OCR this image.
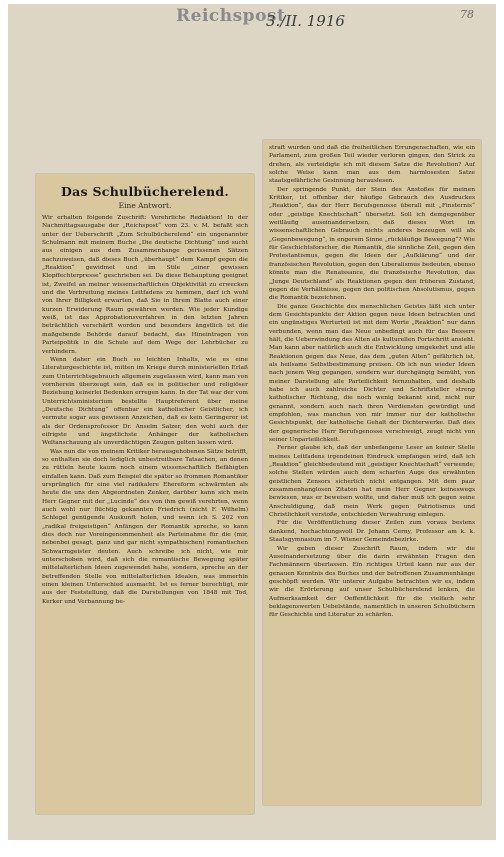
Reichspost
3./II. 1916	78
Das Schulbücherelend.
Eine Antwort.

Wir erhalten folgende Zuschrift: Verehrliche Redaktion! In der Nachmittagsausgabe der „Reichspost“ vom 23. v. M. befaßt sich unter der Ueberschrift „Zum Schulbücherelend“ ein ungenannter Schulmann mit meinem Buche „Die deutsche Dichtung“ und sucht aus einigen aus dem Zusammenhange gerissenen Sätzen nachzuweisen, daß dieses Buch „überhaupt“ dem Kampf gegen die „Reaktion“ gewidmet und im Stile „einer gewissen Klopffechterpresse“ geschrieben sei. Da diese Behauptung geeignet ist, Zweifel an meiner wissenschaftlichen Objektivität zu erwecken und die Verbreitung meines Leitfadens zu hemmen, darf ich wohl von Ihrer Billigkeit erwarten, daß Sie in Ihrem Blatte auch einer kurzen Erwiderung Raum gewähren werden. Wie jeder Kundige weiß, ist das Approbationsverfahren in den letzten Jahren beträchtlich verschärft worden und besonders ängstlich ist die maßgebende Behörde darauf bedacht, das Hineintragen von Parteipolitik in die Schule auf dem Wege der Lehrbücher zu verhindern.

Wenn daher ein Buch so leichten Inhalts, wie es eine Literaturgeschichte ist, mitten im Kriege durch ministeriellen Erlaß zum Unterrichtsgebrauch allgemein zugelassen wird, kann man von vornherein überzeugt sein, daß es in politischer und religiöser Beziehung keinerlei Bedenken erregen kann. In der Tat war der vom Unterrichtsministerium bestellte Hauptreferent über meine „Deutsche Dichtung“ offenbar ein katholischer Geistlicher, ich vermute sogar aus gewissen Anzeichen, daß es kein Geringerer ist als der Ordensprofessor Dr. Anselm Salzer, den wohl auch der eifrigste und ängstlichste Anhänger der katholischen Weltanschauung als unverdächtigen Zeugen gelten lassen wird.

Was nun die von meinem Kritiker herausgehobenen Sätze betrifft, so enthalten sie doch lediglich unbestreitbare Tatsachen, an denen zu rütteln heute kaum noch einem wissenschaftlich Befähigten einfallen kann. Daß zum Beispiel die später so frommen Romantiker ursprünglich für eine viel radikalere Ehereform schwärmten als heute die uns den Abgeordneten Zenker, darüber kann sich mein Herr Gegner mit der „Lucinde“ des von ihm gewiß verehrten, wenn auch wohl nur flüchtig gekannten Friedrich (nicht F. Wilhelm) Schlegel genügende Auskunft holen, und wenn ich S. 202 von „radikal freigeistigen“ Anfängen der Romantik spreche, so kann dies doch nur Voreingenommenheit als Parteinahme für die (mir, nebenbei gesagt, ganz und gar nicht sympathischen) romantischen Schwarmgeister deuten. Auch schreibe ich nicht, wie mir unterschoben wird, daß sich die romantische Bewegung später mittelalterlichen Ideen zugewendet habe, sondern, spreche an der betreffenden Stelle von mittelalterlichen Idealen, was immerhin einen kleinen Unterschied ausmacht. Ist es ferner berechtigt, mir aus der Feststellung, daß die Darstellungen von 1848 mit Tod, Kerker und Verbannung be-

straft wurden und daß die freiheitlichen Errungenschaften, wie ein Parlament, zum großen Teil wieder verloren gingen, den Strick zu drehen, als verteidigte ich mit diesem Satze die Revolution? Auf solche Weise kann man aus dem harmlosesten Satze staatsgefährliche Gesinnung herauslesen.

Der springende Punkt, der Stein des Anstoßes für meinen Kritiker, ist offenbar der häufige Gebrauch des Ausdruckes „Reaktion“, das der Herr Berufsgenosse überall mit „Finsternis“ oder „geistige Knechtschaft“ übersetzt. Soll ich demgegenüber weitläufig auseinandersetzen, daß dieses Wort im wissenschaftlichen Gebrauch nichts anderes bezeugen will als „Gegenbewegung“, in engerem Sinne „rückläufige Bewegung“? Wie für Geschichtsforscher, die Romantik, die sinnliche Zeit, gegen den Protestantismus, gegen die Ideen der „Aufklärung“ und der französischen Revolution, gegen den Liberalismus bedeuten, ebenso könnte man die Renaissance, die französische Revolution, das „Junge Deutschland“ als Reaktionen gegen den früheren Zustand, gegen die Verhältnisse, gegen den politischen Absolutismus, gegen die Romantik bezeichnen.

Die ganze Geschichte des menschlichen Geistes läßt sich unter dem Gesichtspunkte der Aktion gegen neue Ideen betrachten und ein ungünstiges Werturteil ist mit dem Worte „Reaktion“ nur dann verbunden, wenn man das Neue unbedingt auch für das Bessere hält, die Ueberwindung des Alten als kulturellen Fortschritt ansieht. Man kann aber natürlich auch die Entwicklung umgekehrt und alle Reaktionen gegen das Neue, das dem „guten Alten“ gefährlich ist, als heilsame Selbstbestimmung preisen. Ob ich nun wieder Ideen nach jenem Weg gegangen, sondern war durchgängig bemüht, von meiner Darstellung alle Parteilichkeit fernzuhalten, und deshalb habe ich auch zahlreiche Dichter und Schriftsteller streng katholischer Richtung, die noch wenig bekannt sind, nicht nur genannt, sondern auch nach ihren Verdiensten gewürdigt und empfohlen, was manchen von mir immer nur der katholische Gesichtspunkt, der katholische Gehalt der Dichterwerke. Daß dies der gegnerische Herr Berufsgenosse verschweigt, zeugt nicht von seiner Unparteilichkeit.

Ferner glaube ich, daß der unbefangene Leser an keiner Stelle meines Leitfadens irgendeinen Eindruck empfangen wird, daß ich „Reaktion“ gleichbedeutend mit „geistiger Knechtschaft“ verwende; solche Stellen würden auch dem scharfen Auge des erwähnten geistlichen Zensors sicherlich nicht entgangen. Mit dem paar zusammenhanglosen Zitaten hat mein Herr Gegner keineswegs bewiesen, was er beweisen wollte, und daher muß ich gegen seine Anschuldigung, daß mein Werk gegen Patriotismus und Christlichkeit verstoße, entschieden Verwahrung einlegen.

Für die Veröffentlichung dieser Zeilen zum voraus bestens dankend, hochachtungsvoll Dr. Johann Cerny, Professor am k. k. Staatsgymnasium im 7. Wiener Gemeindebezirke.

Wir geben dieser Zuschrift Raum, indem wir die Auseinandersetzung über die darin erwähnten Fragen den Fachmännern überlassen. Ein richtiges Urteil kann nur aus der genauen Kenntnis des Buches und der betroffenen Zusammenhänge geschöpft werden. Wir unterer Aufgabe betrachten wir es, indem wir die Erörterung auf unser Schulbücherelend lenken, die Aufmerksamkeit der Oeffentlichkeit für die vielfach sehr beklagenswerten Uebelstände, namentlich in unseren Schulbüchern für Geschichte und Literatur zu schärfen.
